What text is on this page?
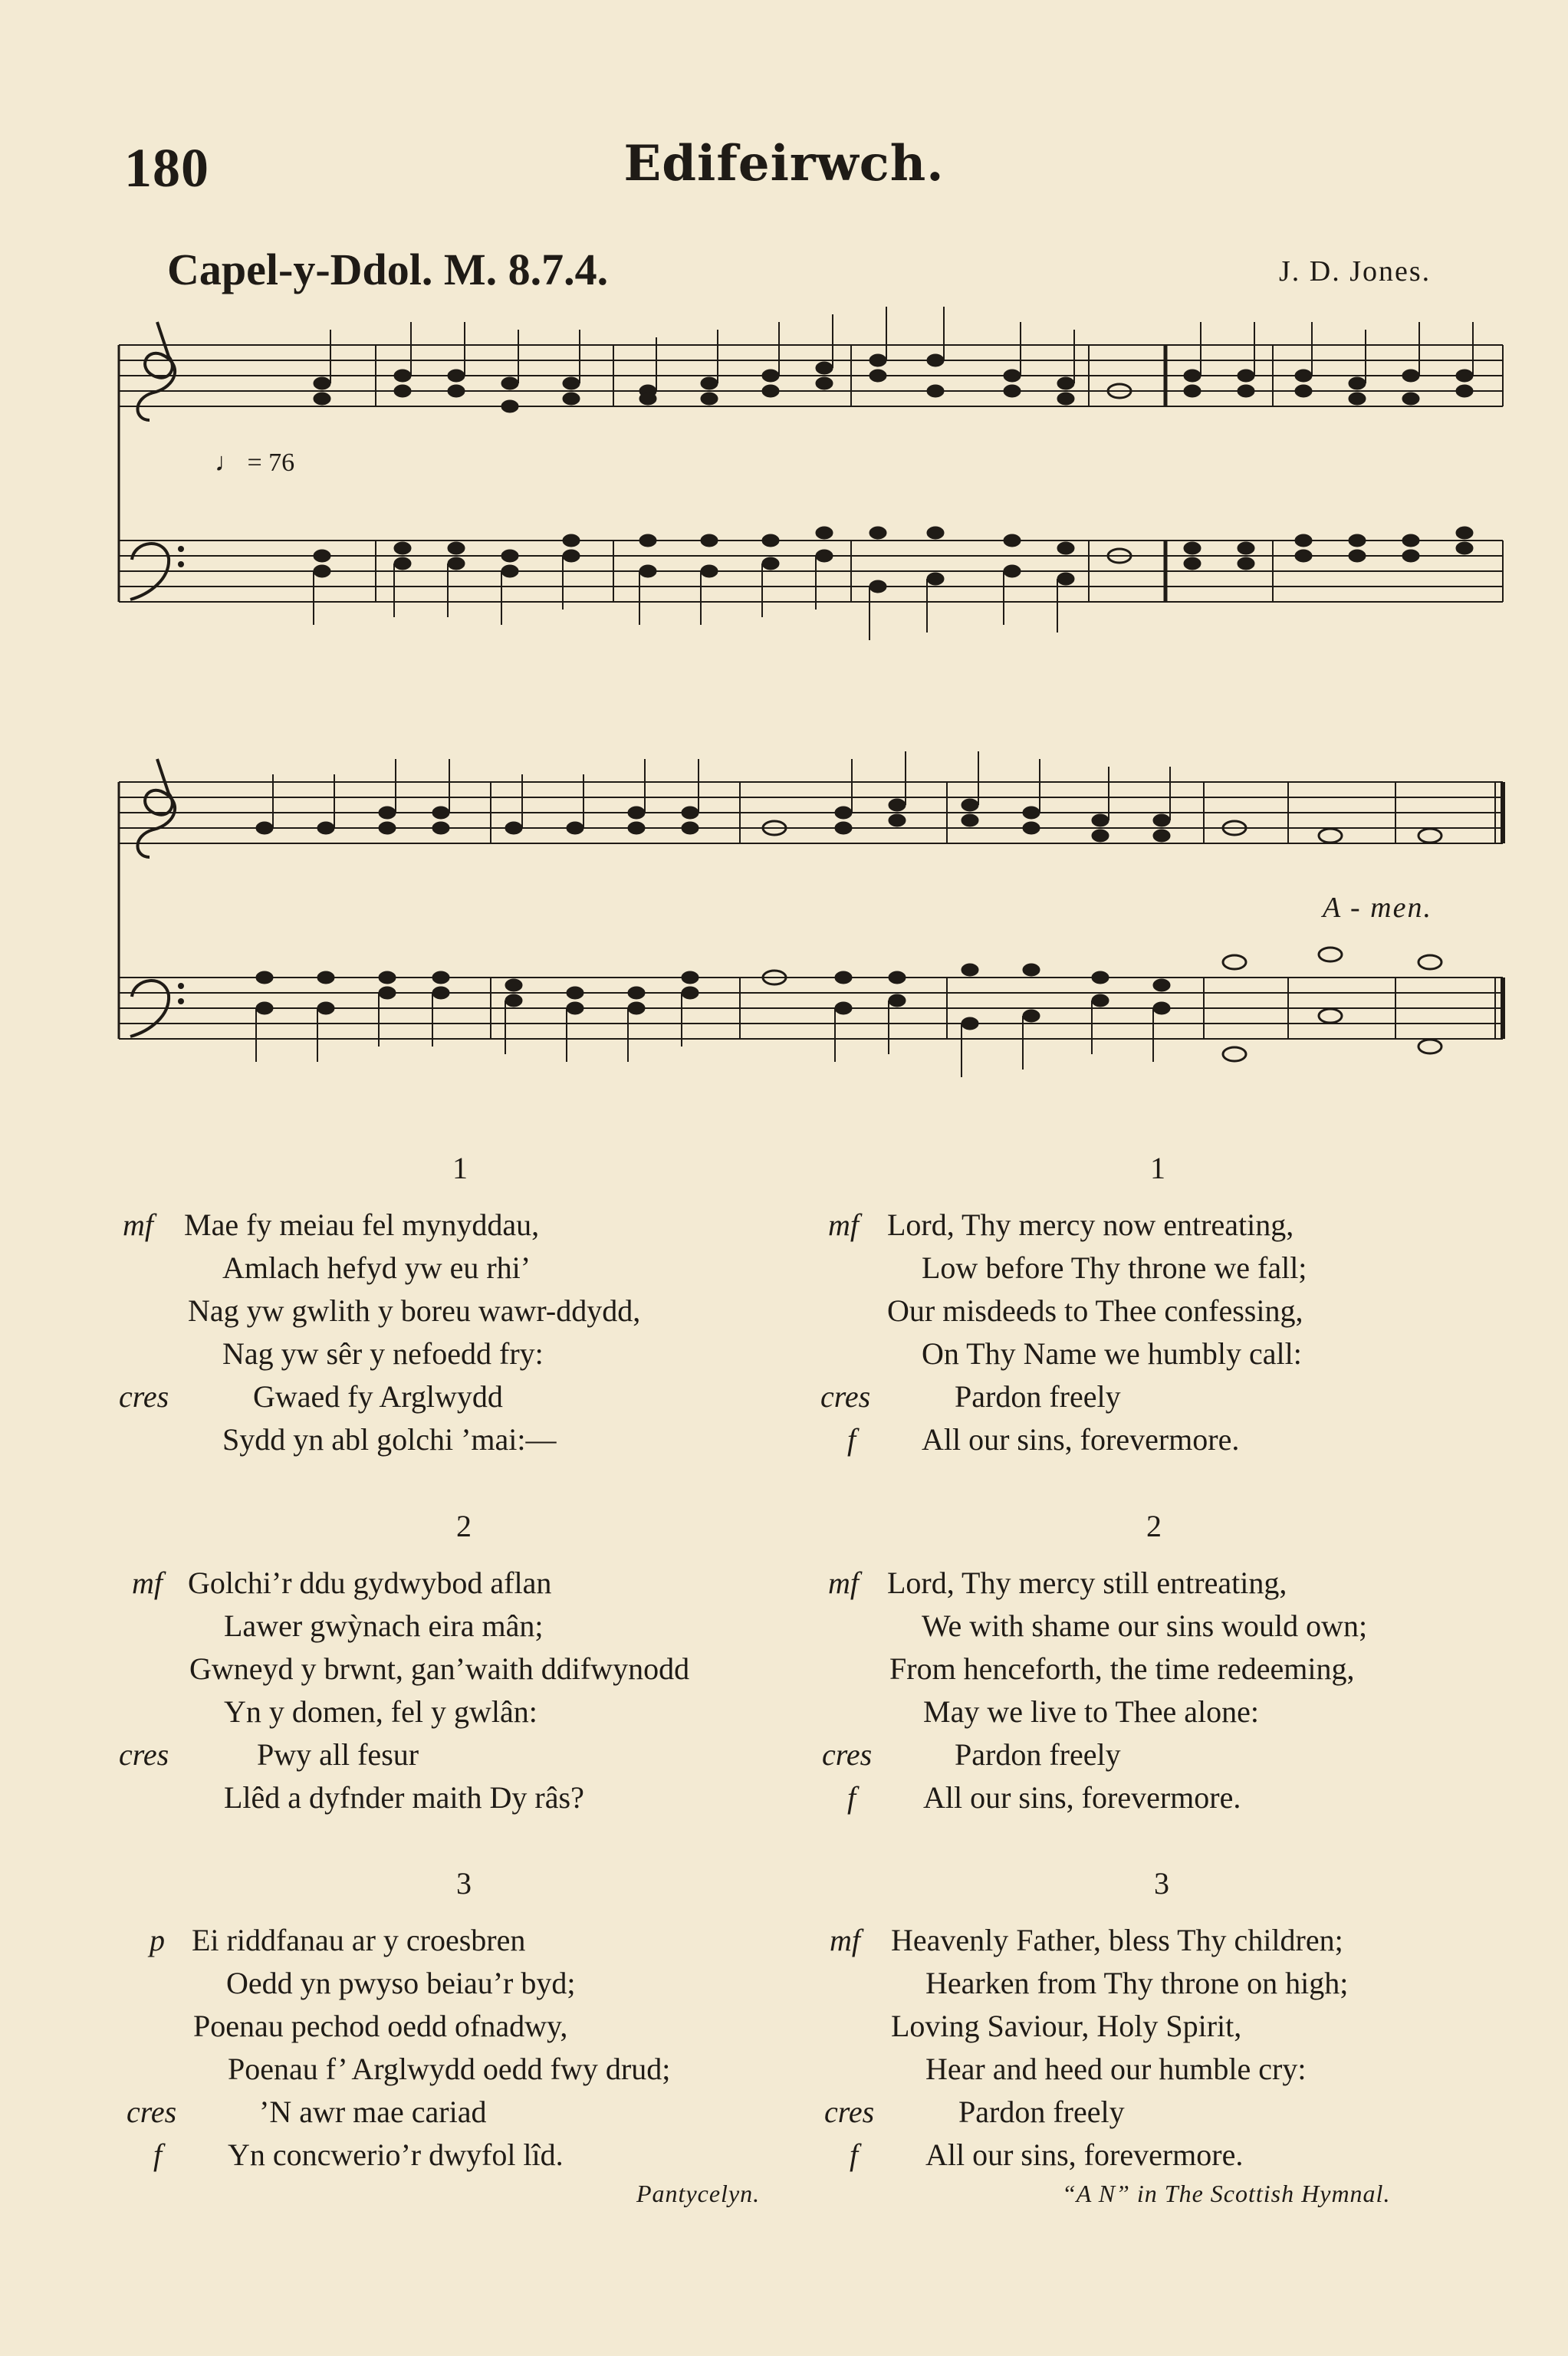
180	Edifeirwch.
Capel-y-Ddol. M. 8.7.4.	J. D. Jones.
♩ = 76
A - men.
1
mf Mae fy meiau fel mynyddau,
Amlach hefyd yw eu rhi’
Nag yw gwlith y boreu wawr-ddydd,
Nag yw sêr y nefoedd fry:
cres	Gwaed fy Arglwydd
Sydd yn abl golchi ’mai:—
2
mf Golchi’r ddu gydwybod aflan
Lawer gwỳnach eira mân;
Gwneyd y brwnt, gan’waith ddifwynodd
Yn y domen, fel y gwlân:
cres	Pwy all fesur
Llêd a dyfnder maith Dy râs?
3
p Ei riddfanau ar y croesbren
Oedd yn pwyso beiau’r byd;
Poenau pechod oedd ofnadwy,
Poenau f’ Arglwydd oedd fwy drud;
cres	’N awr mae cariad
f Yn concwerio’r dwyfol lîd.
Pantycelyn.
1
mf Lord, Thy mercy now entreating,
Low before Thy throne we fall;
Our misdeeds to Thee confessing,
On Thy Name we humbly call:
cres	Pardon freely
f All our sins, forevermore.
2
mf Lord, Thy mercy still entreating,
We with shame our sins would own;
From henceforth, the time redeeming,
May we live to Thee alone:
cres	Pardon freely
f All our sins, forevermore.
3
mf Heavenly Father, bless Thy children;
Hearken from Thy throne on high;
Loving Saviour, Holy Spirit,
Hear and heed our humble cry:
cres	Pardon freely
f All our sins, forevermore.
“A N” in The Scottish Hymnal.
